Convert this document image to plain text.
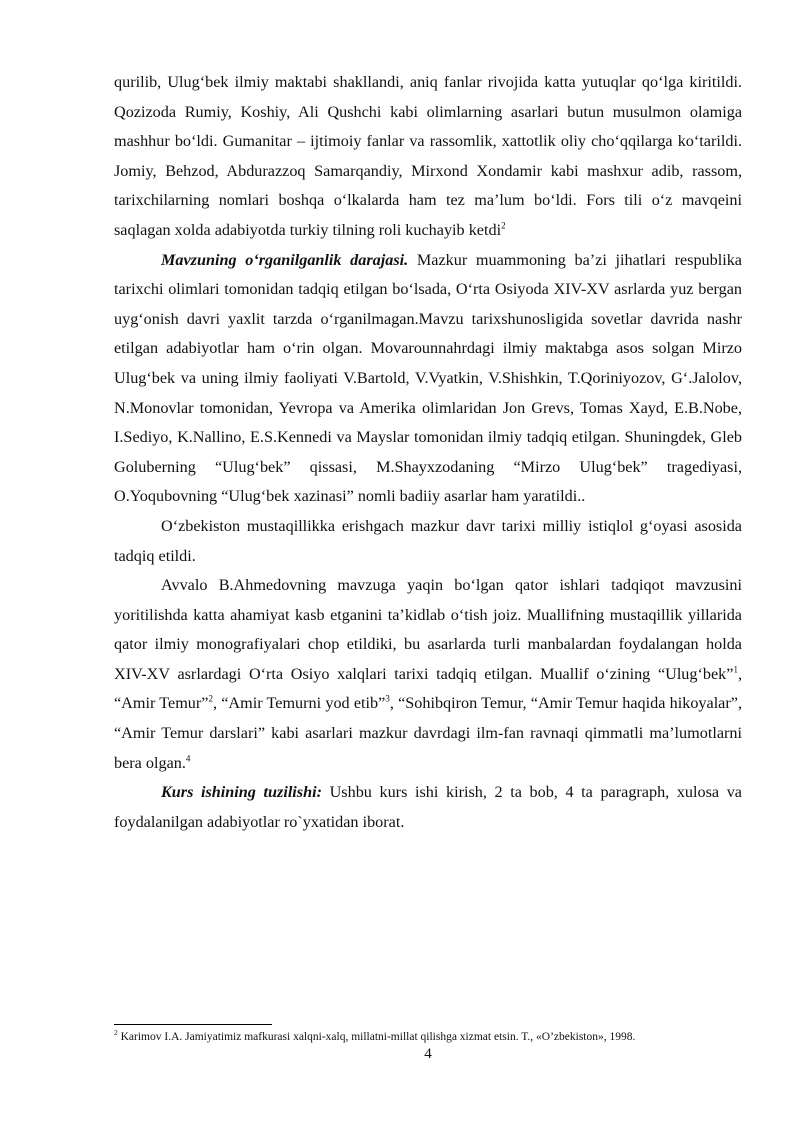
qurilib, Ulug‘bek ilmiy maktabi shakllandi, aniq fanlar rivojida katta yutuqlar qo‘lga kiritildi. Qozizoda Rumiy, Koshiy, Ali Qushchi kabi olimlarning asarlari butun musulmon olamiga mashhur bo‘ldi. Gumanitar – ijtimoiy fanlar va rassomlik, xattotlik oliy cho‘qqilarga ko‘tarildi. Jomiy, Behzod, Abdurazzoq Samarqandiy, Mirxond Xondamir kabi mashxur adib, rassom, tarixchilarning nomlari boshqa o‘lkalarda ham tez ma’lum bo‘ldi. Fors tili o‘z mavqeini saqlagan xolda adabiyotda turkiy tilning roli kuchayib ketdi$^2$

Mavzuning o‘rganilganlik darajasi. Mazkur muammoning ba’zi jihatlari respublika tarixchi olimlari tomonidan tadqiq etilgan bo‘lsada, O‘rta Osiyoda XIV-XV asrlarda yuz bergan uyg‘onish davri yaxlit tarzda o‘rganilmagan.Mavzu tarixshunosligida sovetlar davrida nashr etilgan adabiyotlar ham o‘rin olgan. Movarounnahrdagi ilmiy maktabga asos solgan Mirzo Ulug‘bek va uning ilmiy faoliyati V.Bartold, V.Vyatkin, V.Shishkin, T.Qoriniyozov, G‘.Jalolov, N.Monovlar tomonidan, Yevropa va Amerika olimlaridan Jon Grevs, Tomas Xayd, E.B.Nobe, I.Sediyo, K.Nallino, E.S.Kennedi va Mayslar tomonidan ilmiy tadqiq etilgan. Shuningdek, Gleb Goluberning “Ulug‘bek” qissasi, M.Shayxzodaning “Mirzo Ulug‘bek” tragediyasi, O.Yoqubovning “Ulug‘bek xazinasi” nomli badiiy asarlar ham yaratildi..

O‘zbekiston mustaqillikka erishgach mazkur davr tarixi milliy istiqlol g‘oyasi asosida tadqiq etildi.

Avvalo B.Ahmedovning mavzuga yaqin bo‘lgan qator ishlari tadqiqot mavzusini yoritilishda katta ahamiyat kasb etganini ta’kidlab o‘tish joiz. Muallifning mustaqillik yillarida qator ilmiy monografiyalari chop etildiki, bu asarlarda turli manbalardan foydalangan holda XIV-XV asrlardagi O‘rta Osiyo xalqlari tarixi tadqiq etilgan. Muallif o‘zining “Ulug‘bek”$^1$, “Amir Temur”$^2$, “Amir Temurni yod etib”$^3$, “Sohibqiron Temur, “Amir Temur haqida hikoyalar”, “Amir Temur darslari” kabi asarlari mazkur davrdagi ilm-fan ravnaqi qimmatli ma’lumotlarni bera olgan.$^4$

Kurs ishining tuzilishi: Ushbu kurs ishi kirish, 2 ta bob, 4 ta paragraph, xulosa va foydalanilgan adabiyotlar ro`yxatidan iborat.

$^2$ Karimov I.A. Jamiyatimiz mafkurasi xalqni-xalq, millatni-millat qilishga xizmat etsin. T., «O’zbekiston», 1998.
4
